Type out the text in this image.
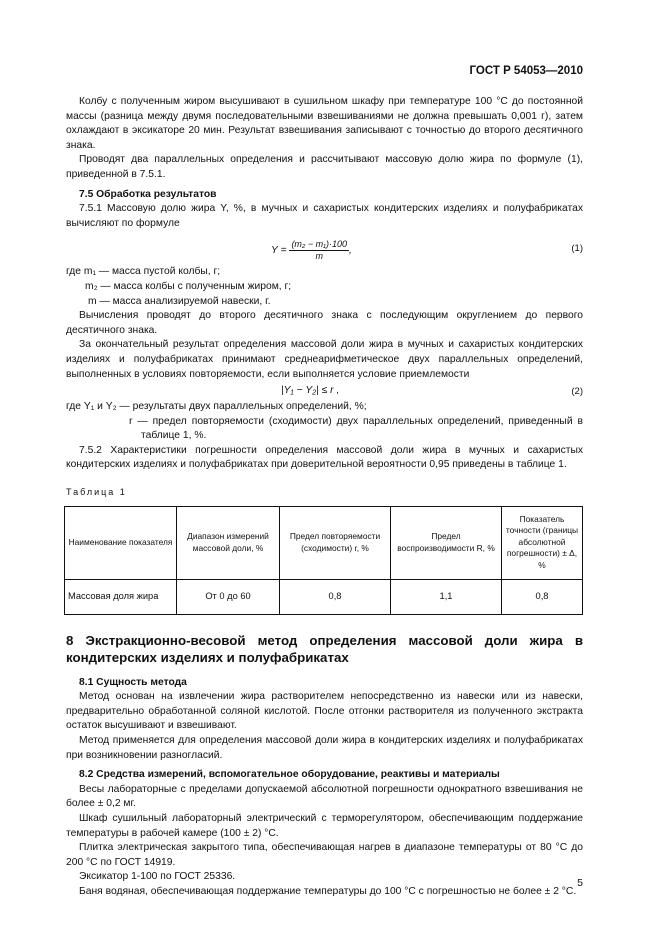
ГОСТ Р 54053—2010

Колбу с полученным жиром высушивают в сушильном шкафу при температуре 100 °С до постоянной массы (разница между двумя последовательными взвешиваниями не должна превышать 0,001 г), затем охлаждают в эксикаторе 20 мин. Результат взвешивания записывают с точностью до второго десятичного знака.

Проводят два параллельных определения и рассчитывают массовую долю жира по формуле (1), приведенной в 7.5.1.

7.5 Обработка результатов

7.5.1 Массовую долю жира Y, %, в мучных и сахаристых кондитерских изделиях и полуфабрикатах вычисляют по формуле

$Y = \frac{\text{(m₂ − m₁)·100}}{m}$ ,	(1)
где m₁ — масса пустой колбы, г;
m₂ — масса колбы с полученным жиром, г;
m — масса анализируемой навески, г.

Вычисления проводят до второго десятичного знака с последующим округлением до первого десятичного знака.

За окончательный результат определения массовой доли жира в мучных и сахаристых кондитерских изделиях и полуфабрикатах принимают среднеарифметическое двух параллельных определений, выполненных в условиях повторяемости, если выполняется условие приемлемости

|Y₁ − Y₂| ≤ r ,	(2)
где Y₁ и Y₂ — результаты двух параллельных определений, %;

r — предел повторяемости (сходимости) двух параллельных определений, приведенный в таблице 1, %.

7.5.2 Характеристики погрешности определения массовой доли жира в мучных и сахаристых кондитерских изделиях и полуфабрикатах при доверительной вероятности 0,95 приведены в таблице 1.

Таблица 1
Наименование показателя	Диапазон измерений массовой доли, %	Предел повторяемости (сходимости) r, %	Предел воспроизводимости R, %	Показатель точности (границы абсолютной погрешности) ± Δ, %
Массовая доля жира	От 0 до 60	0,8	1,1	0,8

8 Экстракционно-весовой метод определения массовой доли жира в кондитерских изделиях и полуфабрикатах

8.1 Сущность метода

Метод основан на извлечении жира растворителем непосредственно из навески или из навески, предварительно обработанной соляной кислотой. После отгонки растворителя из полученного экстракта остаток высушивают и взвешивают.

Метод применяется для определения массовой доли жира в кондитерских изделиях и полуфабрикатах при возникновении разногласий.

8.2 Средства измерений, вспомогательное оборудование, реактивы и материалы

Весы лабораторные с пределами допускаемой абсолютной погрешности однократного взвешивания не более ± 0,2 мг.

Шкаф сушильный лабораторный электрический с терморегулятором, обеспечивающим поддержание температуры в рабочей камере (100 ± 2) °С.

Плитка электрическая закрытого типа, обеспечивающая нагрев в диапазоне температуры от 80 °С до 200 °С по ГОСТ 14919.

Эксикатор 1-100 по ГОСТ 25336.

Баня водяная, обеспечивающая поддержание температуры до 100 °С с погрешностью не более ± 2 °С.

5
